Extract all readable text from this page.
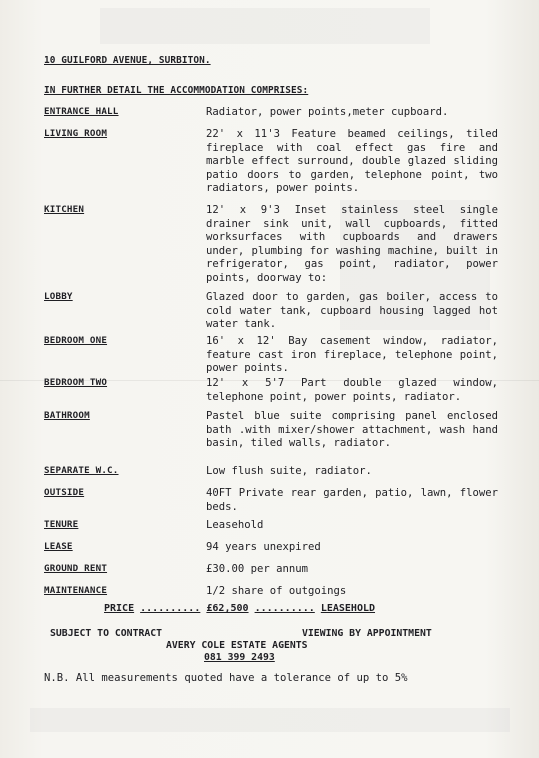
10 GUILFORD AVENUE, SURBITON.
IN FURTHER DETAIL THE ACCOMMODATION COMPRISES:
ENTRANCE HALL	Radiator, power points,meter cupboard.
LIVING ROOM	22' x 11'3 Feature beamed ceilings, tiled fireplace with coal effect gas fire and marble effect surround, double glazed sliding patio doors to garden, telephone point, two radiators, power points.
KITCHEN	12' x 9'3 Inset stainless steel single drainer sink unit, wall cupboards, fitted worksurfaces with cupboards and drawers under, plumbing for washing machine, built in refrigerator, gas point, radiator, power points, doorway to:
LOBBY	Glazed door to garden, gas boiler, access to cold water tank, cupboard housing lagged hot water tank.
BEDROOM ONE	16' x 12' Bay casement window, radiator, feature cast iron fireplace, telephone point, power points.
BEDROOM TWO	12' x 5'7 Part double glazed window, telephone point, power points, radiator.
BATHROOM	Pastel blue suite comprising panel enclosed bath .with mixer/shower attachment, wash hand basin, tiled walls, radiator.
SEPARATE W.C.	Low flush suite, radiator.
OUTSIDE	40FT Private rear garden, patio, lawn, flower beds.
TENURE	Leasehold
LEASE	94 years unexpired
GROUND RENT	£30.00 per annum
MAINTENANCE	1/2 share of outgoings
PRICE .......... £62,500 .......... LEASEHOLD
SUBJECT TO CONTRACT	VIEWING BY APPOINTMENT
AVERY COLE ESTATE AGENTS
081 399 2493
N.B. All measurements quoted have a tolerance of up to 5%
